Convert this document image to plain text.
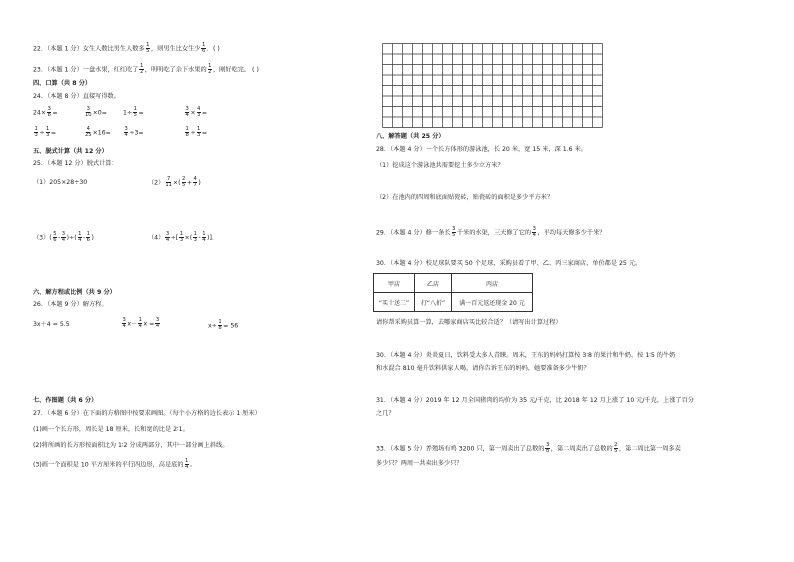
22．（本题 1 分）女生人数比男生人数多 $\frac{1}{5}$ ，则男生比女生少 $\frac{1}{6}$ ．( )
23．（本题 1 分）一盘水果，红红吃了 $\frac{1}{2}$ ，明明吃了余下水果的 $\frac{1}{2}$ ，刚好吃完。 ( )
四、口算（共 8 分）
24．（本题 8 分）直接写得数。
$24\times \frac{3}{8}$ =	$\frac{3}{10} \times 0=$	$1\div \frac{1}{5}$ =	$\frac{3}{4} \times \frac{4}{3}$ =
$\frac{1}{3} \div \frac{1}{3}$ =	$\frac{4}{25} \times 16=$	$\frac{3}{4} \div 3=$	$\frac{1}{8} \div \frac{1}{3}$ =
五、脱式计算（共 12 分）
25．（本题 12 分）脱式计算：
（1）205×28÷30	$(2) \frac{7}{11}$ ×( $\frac{2}{5} + \frac{4}{7}$ )
$(3)( \frac{5}{6} - \frac{3}{4}$ )÷( $\frac{1}{4} - \frac{1}{6}$ )	$(4) \frac{3}{4}$ ÷[ $\frac{1}{3}$ ×( $\frac{1}{3} - \frac{1}{4}$ )].
六、解方程或比例（共 9 分）
26．（本题 9 分）解方程。
3x＋4 = 5.5	$\frac{3}{4} x- \frac{1}{4}$ $x = \frac{3}{4}$	$x\div \frac{1}{8} = 56$
七、作图题（共 6 分）
27．（本题 6 分）在下面的方格图中按要求画图。（每个小方格的边长表示 1 厘米）
(1)画一个长方形，周长是 18 厘米，长和宽的比是 2∶1。
(2)将所画的长方形按面积比为 1∶2 分成两部分，其中一部分画上斜线。
(3)画一个面积是 10 平方厘米的平行四边形，高是底的 $\frac{1}{4}$ 。
八、解答题（共 25 分）
28．（本题 4 分）一个长方体形的游泳池，长 20 米，宽 15 米，深 1.6 米。
（1）挖成这个游泳池共需要挖土多少立方米？
（2）在池内的四周和底面贴瓷砖，贴瓷砖的面积是多少平方米？
29．（本题 4 分）修一条长 $\frac{3}{5}$ 千米的水渠，三天修了它的 $\frac{3}{4}$ ，平均每天修多少千米？
30．（本题 4 分）校足球队要买 50 个足球，采购员看了甲、乙、丙三家商店，单价都是 25 元。
甲店	乙店	丙店
“买十送二”	打“八折”	满一百元返还现金 20 元
请你帮采购员算一算，去哪家商店买比较合适？（请写出计算过程）
30．（本题 4 分）炎炎夏日，饮料受大多人青睐。周末，王东的妈妈打算按 3∶8 的果汁和牛奶，按 1∶5 的牛奶
和水混合 810 毫升饮料供家人喝。请你告诉王东的妈妈，她要准备多少牛奶？
31．（本题 4 分）2019 年 12 月全国猪肉的均价为 35 元/千克，比 2018 年 12 月上涨了 10 元/千克，上涨了百分
之几？
33．（本题 5 分）养殖场有鸡 3200 只，第一周卖出了总数的 $\frac{3}{8}$ ，第二周卖出了总数的 $\frac{2}{5}$ ，第二周比第一周多卖
多少只？两周一共卖出多少只？
